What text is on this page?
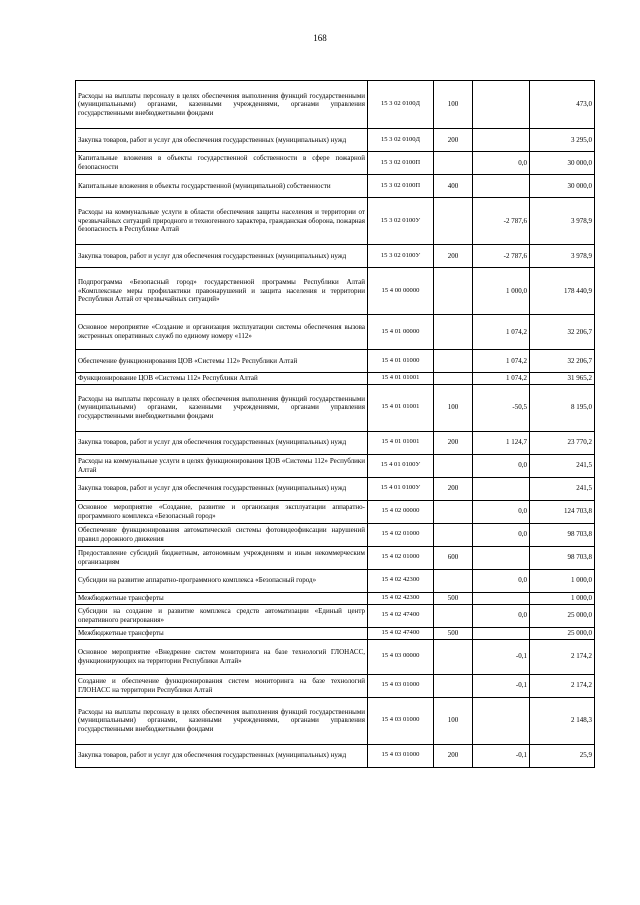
168
Расходы на выплаты персоналу в целях обеспечения выполнения функций государственными (муниципальными) органами, казенными учреждениями, органами управления государственными внебюджетными фондами	15 3 02 0100Д	100		473,0
Закупка товаров, работ и услуг для обеспечения государственных (муниципальных) нужд	15 3 02 0100Д	200		3 295,0
Капитальные вложения в объекты государственной собственности в сфере пожарной безопасности	15 3 02 0100П		0,0	30 000,0
Капитальные вложения в объекты государственной (муниципальной) собственности	15 3 02 0100П	400		30 000,0
Расходы на коммунальные услуги в области обеспечения защиты населения и территории от чрезвычайных ситуаций природного и техногенного характера, гражданская оборона, пожарная безопасность в Республике Алтай	15 3 02 0100У		-2 787,6	3 978,9
Закупка товаров, работ и услуг для обеспечения государственных (муниципальных) нужд	15 3 02 0100У	200	-2 787,6	3 978,9
Подпрограмма «Безопасный город» государственной программы Республики Алтай «Комплексные меры профилактики правонарушений и защита населения и территории Республики Алтай от чрезвычайных ситуаций»	15 4 00 00000		1 000,0	178 440,9
Основное мероприятие «Создание и организация эксплуатации системы обеспечения вызова экстренных оперативных служб по единому номеру «112»	15 4 01 00000		1 074,2	32 206,7
Обеспечение функционирования ЦОВ «Системы 112» Республики Алтай	15 4 01 01000		1 074,2	32 206,7
Функционирование ЦОВ «Системы 112» Республики Алтай	15 4 01 01001		1 074,2	31 965,2
Расходы на выплаты персоналу в целях обеспечения выполнения функций государственными (муниципальными) органами, казенными учреждениями, органами управления государственными внебюджетными фондами	15 4 01 01001	100	-50,5	8 195,0
Закупка товаров, работ и услуг для обеспечения государственных (муниципальных) нужд	15 4 01 01001	200	1 124,7	23 770,2
Расходы на коммунальные услуги в целях функционирования ЦОВ «Системы 112» Республики Алтай	15 4 01 0100У		0,0	241,5
Закупка товаров, работ и услуг для обеспечения государственных (муниципальных) нужд	15 4 01 0100У	200		241,5
Основное мероприятие «Создание, развитие и организация эксплуатации аппаратно-программного комплекса «Безопасный город»	15 4 02 00000		0,0	124 703,8
Обеспечение функционирования автоматической системы фотовидеофиксации нарушений правил дорожного движения	15 4 02 01000		0,0	98 703,8
Предоставление субсидий бюджетным, автономным учреждениям и иным некоммерческим организациям	15 4 02 01000	600		98 703,8
Субсидии на развитие аппаратно-программного комплекса «Безопасный город»	15 4 02 42300		0,0	1 000,0
Межбюджетные трансферты	15 4 02 42300	500		1 000,0
Субсидии на создание и развитие комплекса средств автоматизации «Единый центр оперативного реагирования»	15 4 02 47400		0,0	25 000,0
Межбюджетные трансферты	15 4 02 47400	500		25 000,0
Основное мероприятие «Внедрение систем мониторинга на базе технологий ГЛОНАСС, функционирующих на территории Республики Алтай»	15 4 03 00000		-0,1	2 174,2
Создание и обеспечение функционирования систем мониторинга на базе технологий ГЛОНАСС на территории Республики Алтай	15 4 03 01000		-0,1	2 174,2
Расходы на выплаты персоналу в целях обеспечения выполнения функций государственными (муниципальными) органами, казенными учреждениями, органами управления государственными внебюджетными фондами	15 4 03 01000	100		2 148,3
Закупка товаров, работ и услуг для обеспечения государственных (муниципальных) нужд	15 4 03 01000	200	-0,1	25,9
